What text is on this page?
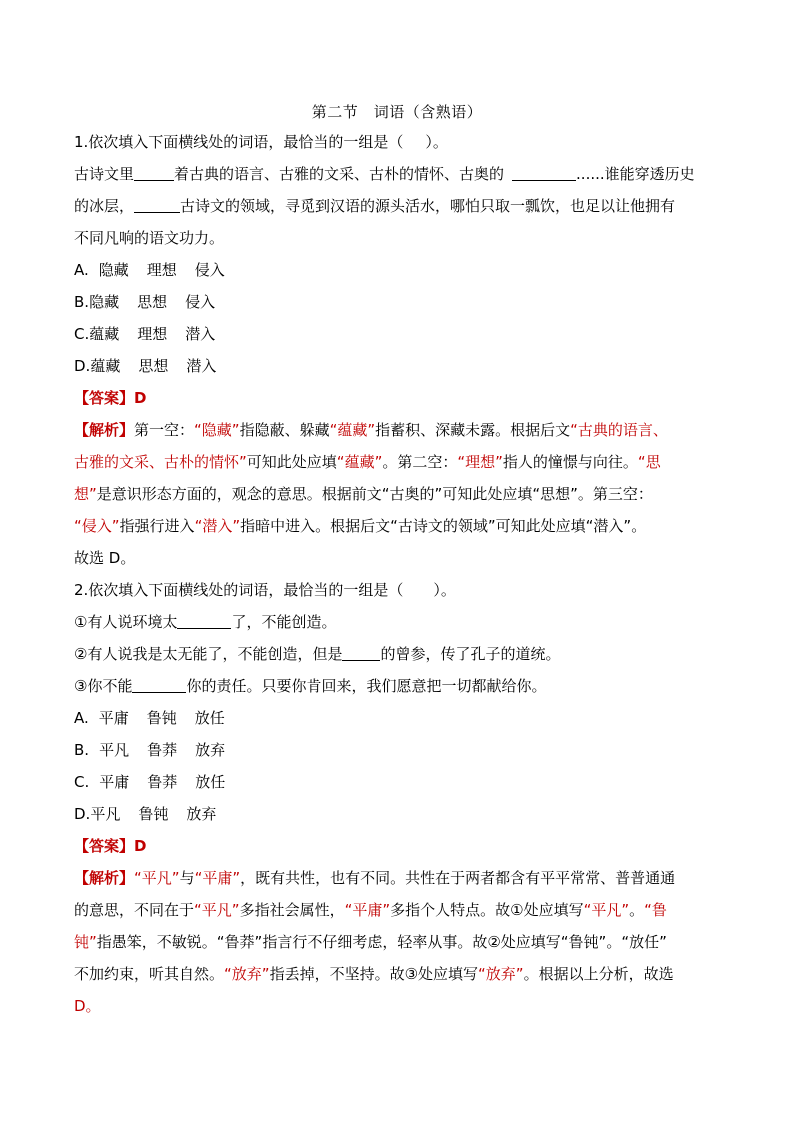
第二节　词语（含熟语）
1.依次填入下面横线处的词语，最恰当的一组是（ ）。
古诗文里	着古典的语言、古雅的文采、古朴的情怀、古奥的	......谁能穿透历史
的冰层，	古诗文的领域，寻觅到汉语的源头活水，哪怕只取一瓢饮，也足以让他拥有
不同凡响的语文功力。
A. 隐藏 理想 侵入
B.隐藏 思想 侵入
C.蕴藏 理想 潜入
D.蕴藏 思想 潜入
【答案】D
【解析】第一空：“隐藏”指隐蔽、躲藏“蕴藏”指蓄积、深藏未露。根据后文“古典的语言、
古雅的文采、古朴的情怀”可知此处应填“蕴藏”。第二空：“理想”指人的憧憬与向往。“思
想”是意识形态方面的，观念的意思。根据前文“古奥的”可知此处应填“思想”。第三空：
“侵入”指强行进入“潜入”指暗中进入。根据后文“古诗文的领域”可知此处应填“潜入”。
故选 D。
2.依次填入下面横线处的词语，最恰当的一组是（ ）。
①有人说环境太	了，不能创造。
②有人说我是太无能了，不能创造，但是	的曾参，传了孔子的道统。
③你不能	你的责任。只要你肯回来，我们愿意把一切都献给你。
A. 平庸 鲁钝 放任
B. 平凡 鲁莽 放弃
C. 平庸 鲁莽 放任
D.平凡 鲁钝 放弃
【答案】D
【解析】“平凡”与“平庸”，既有共性，也有不同。共性在于两者都含有平平常常、普普通通
的意思，不同在于“平凡”多指社会属性，“平庸”多指个人特点。故①处应填写“平凡”。“鲁
钝”指愚笨，不敏锐。“鲁莽”指言行不仔细考虑，轻率从事。故②处应填写“鲁钝”。“放任”
不加约束，听其自然。“放弃”指丢掉，不坚持。故③处应填写“放弃”。根据以上分析，故选
D。
